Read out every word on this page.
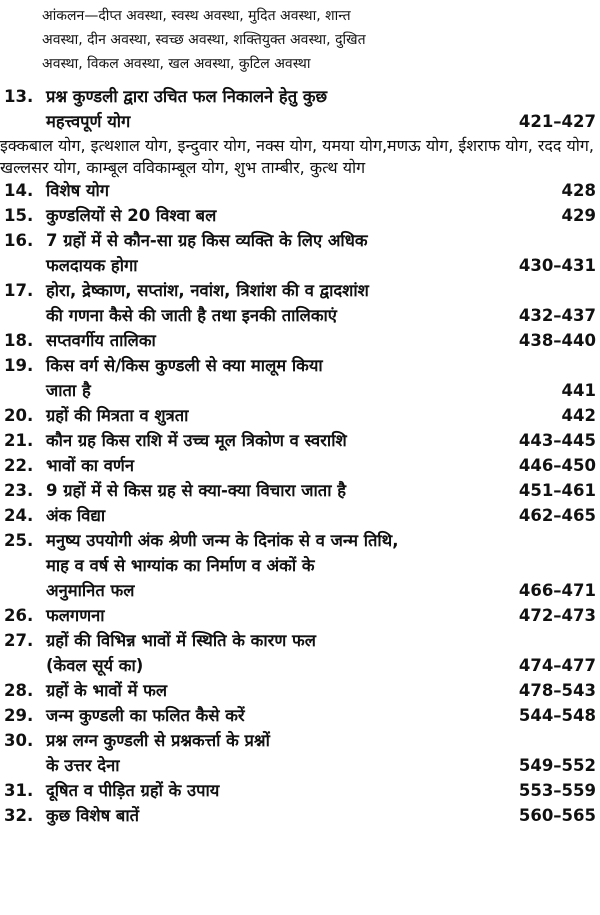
आंकलन—दीप्त अवस्था, स्वस्थ अवस्था, मुदित अवस्था, शान्त
अवस्था, दीन अवस्था, स्वच्छ अवस्था, शक्तियुक्त अवस्था, दुखित
अवस्था, विकल अवस्था, खल अवस्था, कुटिल अवस्था
13. प्रश्न कुण्डली द्वारा उचित फल निकालने हेतु कुछ
महत्त्वपूर्ण योग	421–427
इक्कबाल योग, इत्थशाल योग, इन्दुवार योग, नक्स योग, यमया योग,मणऊ योग, ईशराफ योग, रदद योग, खल्लसर योग, काम्बूल वविकाम्बूल योग, शुभ ताम्बीर, कुत्थ योग
14. विशेष योग	428
15. कुण्डलियों से 20 विश्वा बल	429
16. 7 ग्रहों में से कौन-सा ग्रह किस व्यक्ति के लिए अधिक
फलदायक होगा	430–431
17. होरा, द्रेष्काण, सप्तांश, नवांश, त्रिशांश की व द्वादशांश
की गणना कैसे की जाती है तथा इनकी तालिकाएं	432–437
18. सप्तवर्गीय तालिका	438–440
19. किस वर्ग से/किस कुण्डली से क्या मालूम किया
जाता है	441
20. ग्रहों की मित्रता व शुत्रता	442
21. कौन ग्रह किस राशि में उच्च मूल त्रिकोण व स्वराशि	443–445
22. भावों का वर्णन	446–450
23. 9 ग्रहों में से किस ग्रह से क्या-क्या विचारा जाता है	451–461
24. अंक विद्या	462–465
25. मनुष्य उपयोगी अंक श्रेणी जन्म के दिनांक से व जन्म तिथि,
माह व वर्ष से भाग्यांक का निर्माण व अंकों के
अनुमानित फल	466–471
26. फलगणना	472–473
27. ग्रहों की विभिन्न भावों में स्थिति के कारण फल
(केवल सूर्य का)	474–477
28. ग्रहों के भावों में फल	478–543
29. जन्म कुण्डली का फलित कैसे करें	544–548
30. प्रश्न लग्न कुण्डली से प्रश्नकर्त्ता के प्रश्नों
के उत्तर देना	549–552
31. दूषित व पीड़ित ग्रहों के उपाय	553–559
32. कुछ विशेष बातें	560–565
